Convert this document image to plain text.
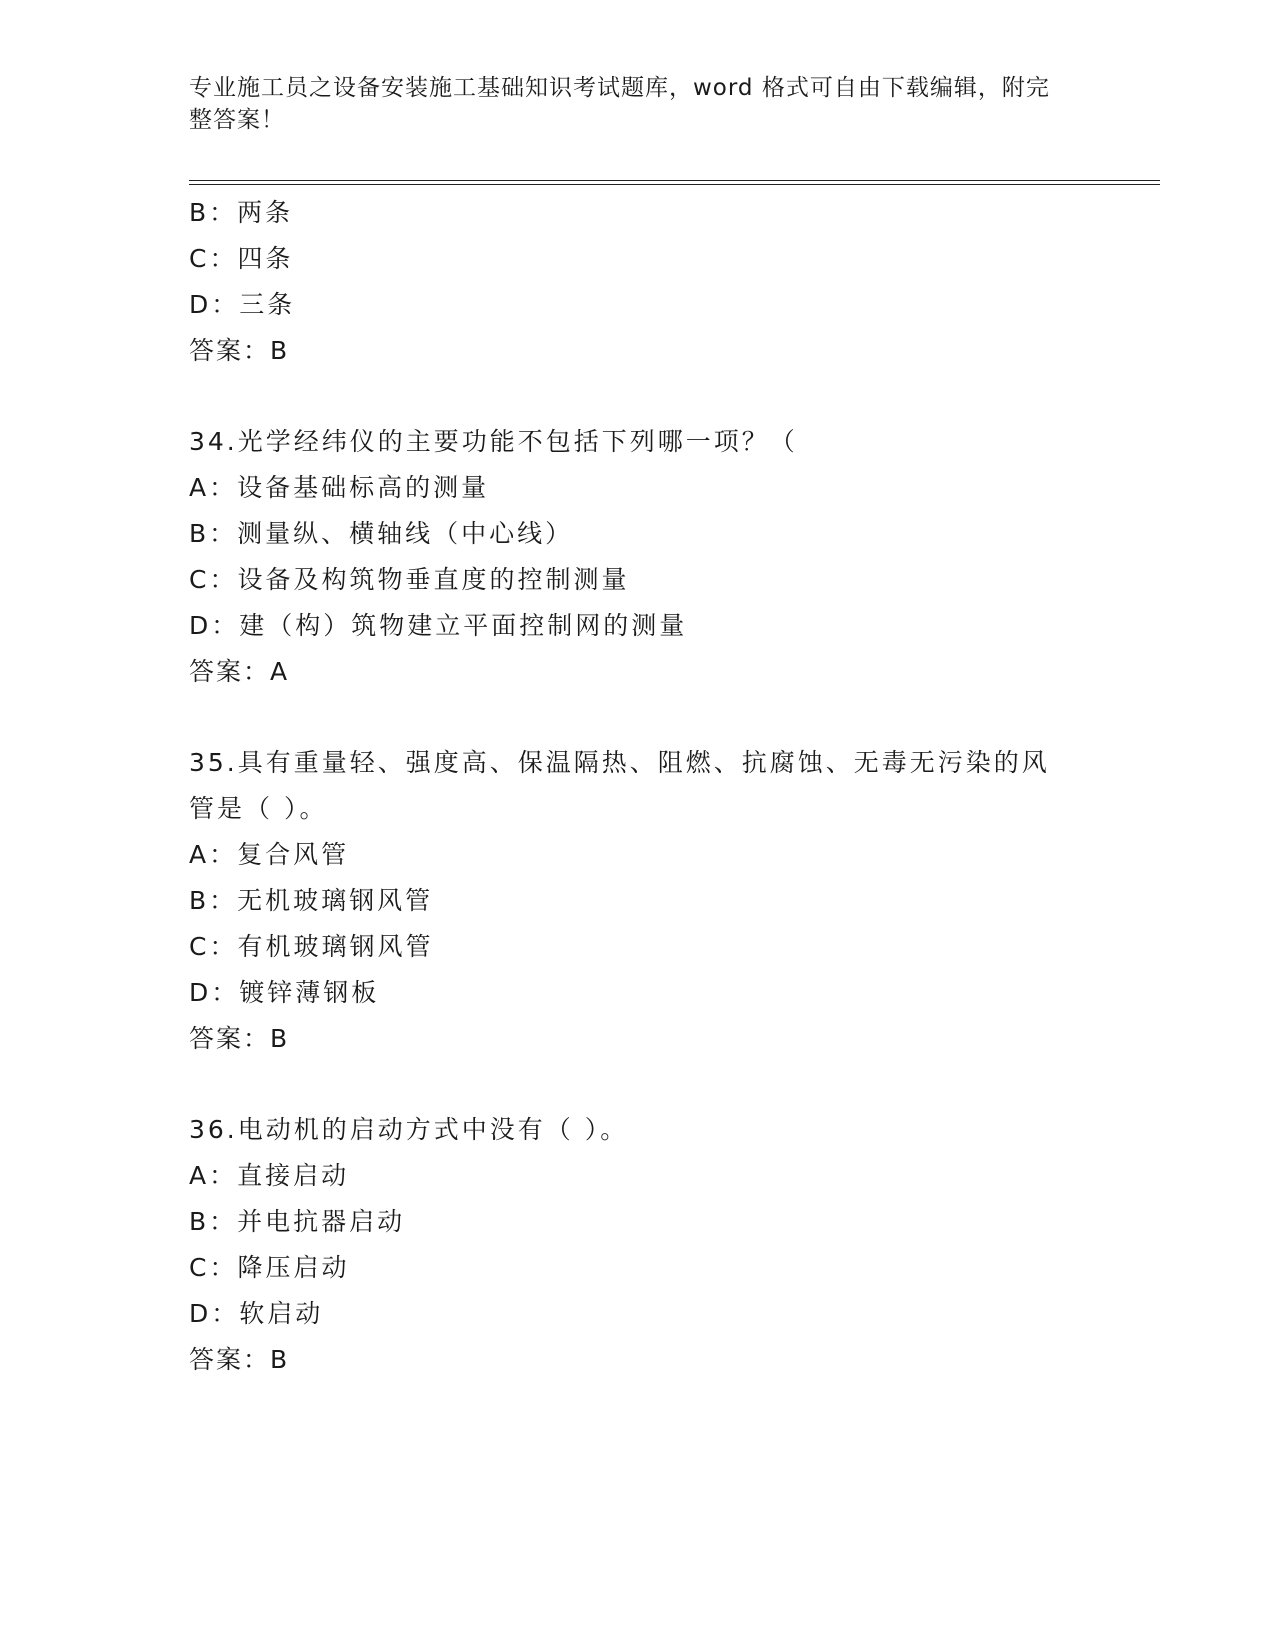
专业施工员之设备安装施工基础知识考试题库，word 格式可自由下载编辑，附完
整答案！
B：两条
C：四条
D：三条
答案：B
34.光学经纬仪的主要功能不包括下列哪一项？（
A：设备基础标高的测量
B：测量纵、横轴线（中心线）
C：设备及构筑物垂直度的控制测量
D：建（构）筑物建立平面控制网的测量
答案：A
35.具有重量轻、强度高、保温隔热、阻燃、抗腐蚀、无毒无污染的风
管是（ ）。
A：复合风管
B：无机玻璃钢风管
C：有机玻璃钢风管
D：镀锌薄钢板
答案：B
36.电动机的启动方式中没有（ ）。
A：直接启动
B：并电抗器启动
C：降压启动
D：软启动
答案：B
